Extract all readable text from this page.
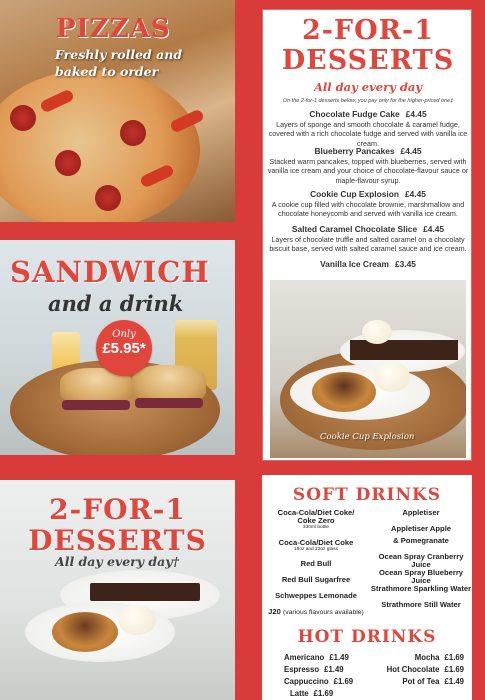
PIZZAS
Freshly rolled and
baked to order
SANDWICH
and a drink
Only
£5.95*
2-FOR-1
DESSERTS
All day every day†
2-FOR-1
DESSERTS
All day every day
On the 2-for-1 desserts below, you pay only for the higher-priced one‡
Chocolate Fudge Cake £4.45
Layers of sponge and smooth chocolate & caramel fudge, covered with a rich chocolate fudge and served with vanilla ice cream.
Blueberry Pancakes £4.45
Stacked warm pancakes, topped with blueberries, served with vanilla ice cream and your choice of chocolate-flavour sauce or maple-flavour syrup.
Cookie Cup Explosion £4.45
A cookie cup filled with chocolate brownie, marshmallow and chocolate honeycomb and served with vanilla ice cream.
Salted Caramel Chocolate Slice £4.45
Layers of chocolate truffle and salted caramel on a chocolaty biscuit base, served with salted caramel sauce and ice cream.
Vanilla Ice Cream £3.45
Cookie Cup Explosion
SOFT DRINKS
Coca-Cola/Diet Coke/
Coke Zero
330ml bottle
Coca-Cola/Diet Coke
16oz and 22oz glass
Red Bull
Red Bull Sugarfree
Schweppes Lemonade
J20 (various flavours available)
Appletiser
Appletiser Apple
& Pomegranate
Ocean Spray Cranberry Juice
Ocean Spray Blueberry Juice
Strathmore Sparkling Water
Strathmore Still Water
HOT DRINKS
Americano £1.49
Espresso £1.49
Cappuccino £1.69
Latte £1.69
Mocha £1.69
Hot Chocolate £1.69
Pot of Tea £1.49
